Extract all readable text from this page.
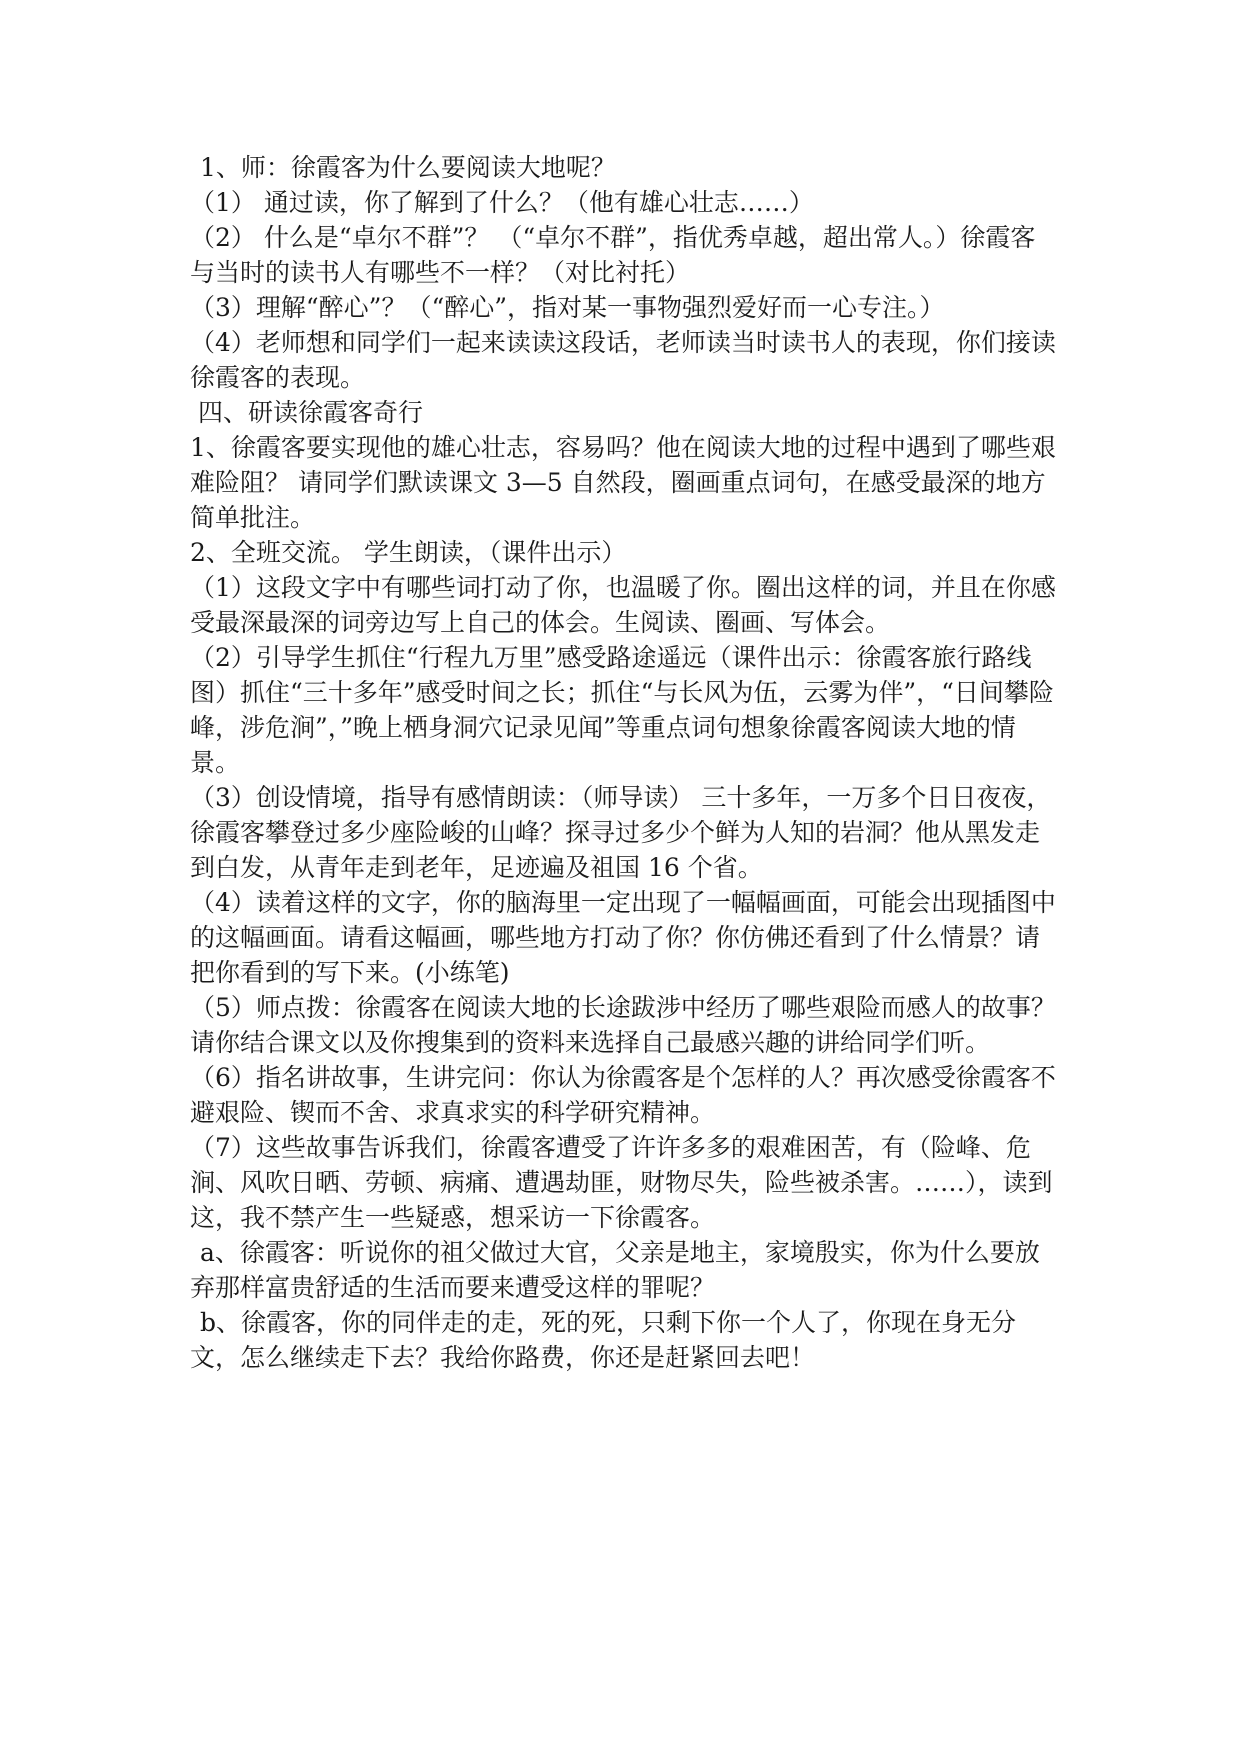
1、师：徐霞客为什么要阅读大地呢？

（1） 通过读，你了解到了什么？（他有雄心壮志……）

（2） 什么是“卓尔不群”？ （“卓尔不群”，指优秀卓越，超出常人。）徐霞客与当时的读书人有哪些不一样？（对比衬托）

（3）理解“醉心”？（“醉心”，指对某一事物强烈爱好而一心专注。）

（4）老师想和同学们一起来读读这段话，老师读当时读书人的表现，你们接读徐霞客的表现。

四、研读徐霞客奇行

1、徐霞客要实现他的雄心壮志，容易吗？他在阅读大地的过程中遇到了哪些艰难险阻？ 请同学们默读课文 3—5 自然段，圈画重点词句，在感受最深的地方简单批注。

2、全班交流。 学生朗读，（课件出示）

（1）这段文字中有哪些词打动了你，也温暖了你。圈出这样的词，并且在你感受最深最深的词旁边写上自己的体会。生阅读、圈画、写体会。

（2）引导学生抓住“行程九万里”感受路途遥远（课件出示：徐霞客旅行路线图）抓住“三十多年”感受时间之长；抓住“与长风为伍，云雾为伴”，“日间攀险峰，涉危涧”，”晚上栖身洞穴记录见闻”等重点词句想象徐霞客阅读大地的情景。

（3）创设情境，指导有感情朗读：（师导读） 三十多年，一万多个日日夜夜，徐霞客攀登过多少座险峻的山峰？探寻过多少个鲜为人知的岩洞？他从黑发走到白发，从青年走到老年，足迹遍及祖国 16 个省。

（4）读着这样的文字，你的脑海里一定出现了一幅幅画面，可能会出现插图中的这幅画面。请看这幅画，哪些地方打动了你？你仿佛还看到了什么情景？请把你看到的写下来。(小练笔)

（5）师点拨：徐霞客在阅读大地的长途跋涉中经历了哪些艰险而感人的故事？请你结合课文以及你搜集到的资料来选择自己最感兴趣的讲给同学们听。

（6）指名讲故事，生讲完问：你认为徐霞客是个怎样的人？再次感受徐霞客不避艰险、锲而不舍、求真求实的科学研究精神。

（7）这些故事告诉我们，徐霞客遭受了许许多多的艰难困苦，有（险峰、危涧、风吹日晒、劳顿、病痛、遭遇劫匪，财物尽失，险些被杀害。……），读到这，我不禁产生一些疑惑，想采访一下徐霞客。

a、徐霞客：听说你的祖父做过大官，父亲是地主，家境殷实，你为什么要放弃那样富贵舒适的生活而要来遭受这样的罪呢？

b、徐霞客，你的同伴走的走，死的死，只剩下你一个人了，你现在身无分文，怎么继续走下去？我给你路费，你还是赶紧回去吧！
